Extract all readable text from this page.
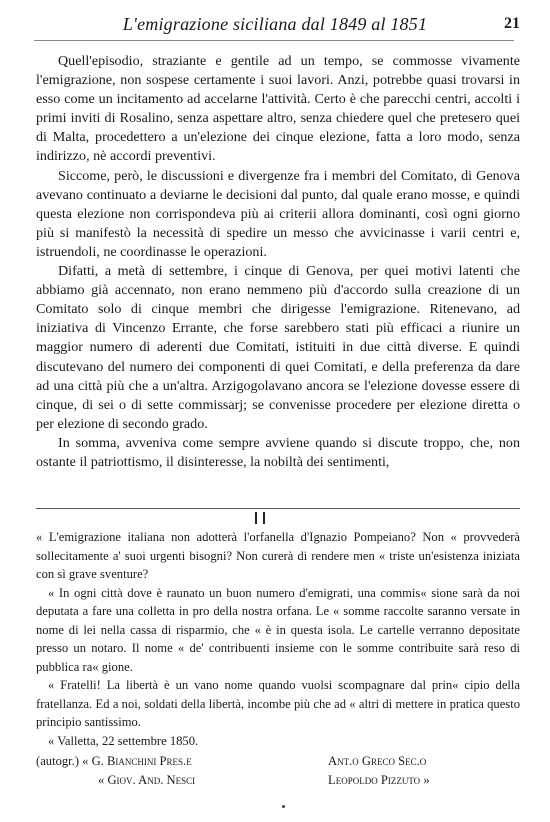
L'emigrazione siciliana dal 1849 al 1851	21

Quell'episodio, straziante e gentile ad un tempo, se commosse vivamente l'emigrazione, non sospese certamente i suoi lavori. Anzi, potrebbe quasi trovarsi in esso come un incitamento ad accelarne l'attività. Certo è che parecchi centri, accolti i primi inviti di Rosalino, senza aspettare altro, senza chiedere quel che pretesero quei di Malta, procedettero a un'elezione dei cinque elezione, fatta a loro modo, senza indirizzo, nè accordi preventivi.

Siccome, però, le discussioni e divergenze fra i membri del Comitato, di Genova avevano continuato a deviarne le decisioni dal punto, dal quale erano mosse, e quindi questa elezione non corrispondeva più ai criterii allora dominanti, così ogni giorno più si manifestò la necessità di spedire un messo che avvicinasse i varii centri e, istruendoli, ne coordinasse le operazioni.

Difatti, a metà di settembre, i cinque di Genova, per quei motivi latenti che abbiamo già accennato, non erano nemmeno più d'accordo sulla creazione di un Comitato solo di cinque membri che dirigesse l'emigrazione. Ritenevano, ad iniziativa di Vincenzo Errante, che forse sarebbero stati più efficaci a riunire un maggior numero di aderenti due Comitati, istituiti in due città diverse. E quindi discutevano del numero dei componenti di quei Comitati, e della preferenza da dare ad una città più che a un'altra. Arzigogolavano ancora se l'elezione dovesse essere di cinque, di sei o di sette commissarj; se convenisse procedere per elezione diretta o per elezione di secondo grado.

In somma, avveniva come sempre avviene quando si discute troppo, che, non ostante il patriottismo, il disinteresse, la nobiltà dei sentimenti,

« L'emigrazione italiana non adotterà l'orfanella d'Ignazio Pompeiano? Non « provvederà sollecitamente a' suoi urgenti bisogni? Non curerà di rendere men « triste un'esistenza iniziata con sì grave sventure?

« In ogni città dove è raunato un buon numero d'emigrati, una commis« sione sarà da noi deputata a fare una colletta in pro della nostra orfana. Le « somme raccolte saranno versate in nome di lei nella cassa di risparmio, che « è in questa isola. Le cartelle verranno depositate presso un notaro. Il nome « de' contribuenti insieme con le somme contribuite sarà reso di pubblica ra« gione.

« Fratelli! La libertà è un vano nome quando vuolsi scompagnare dal prin« cipio della fratellanza. Ed a noi, soldati della libertà, incombe più che ad « altri di mettere in pratica questo principio santissimo.

« Valletta, 22 settembre 1850.

(autogr.) « G. Bianchini Pres.e
« Giov. And. Nesci
Ant.o Greco Sec.o
Leopoldo Pizzuto »
